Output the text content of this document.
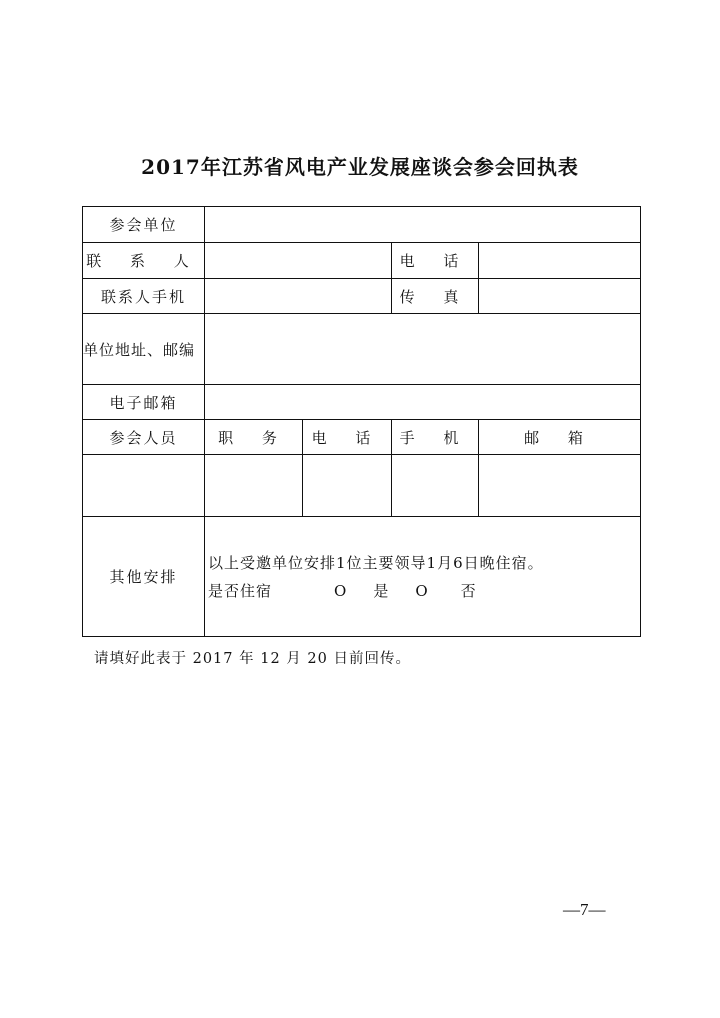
2017年江苏省风电产业发展座谈会参会回执表
参会单位				
联 系 人			电 话	
联系人手机			传 真	
单位地址、邮编				
电子邮箱				
参会人员	职 务	电 话	手 机	邮 箱

其他安排	以上受邀单位安排1位主要领导1月6日晚住宿。
是否住宿 O 是 O 否			
请填好此表于 2017 年 12 月 20 日前回传。
—7—
